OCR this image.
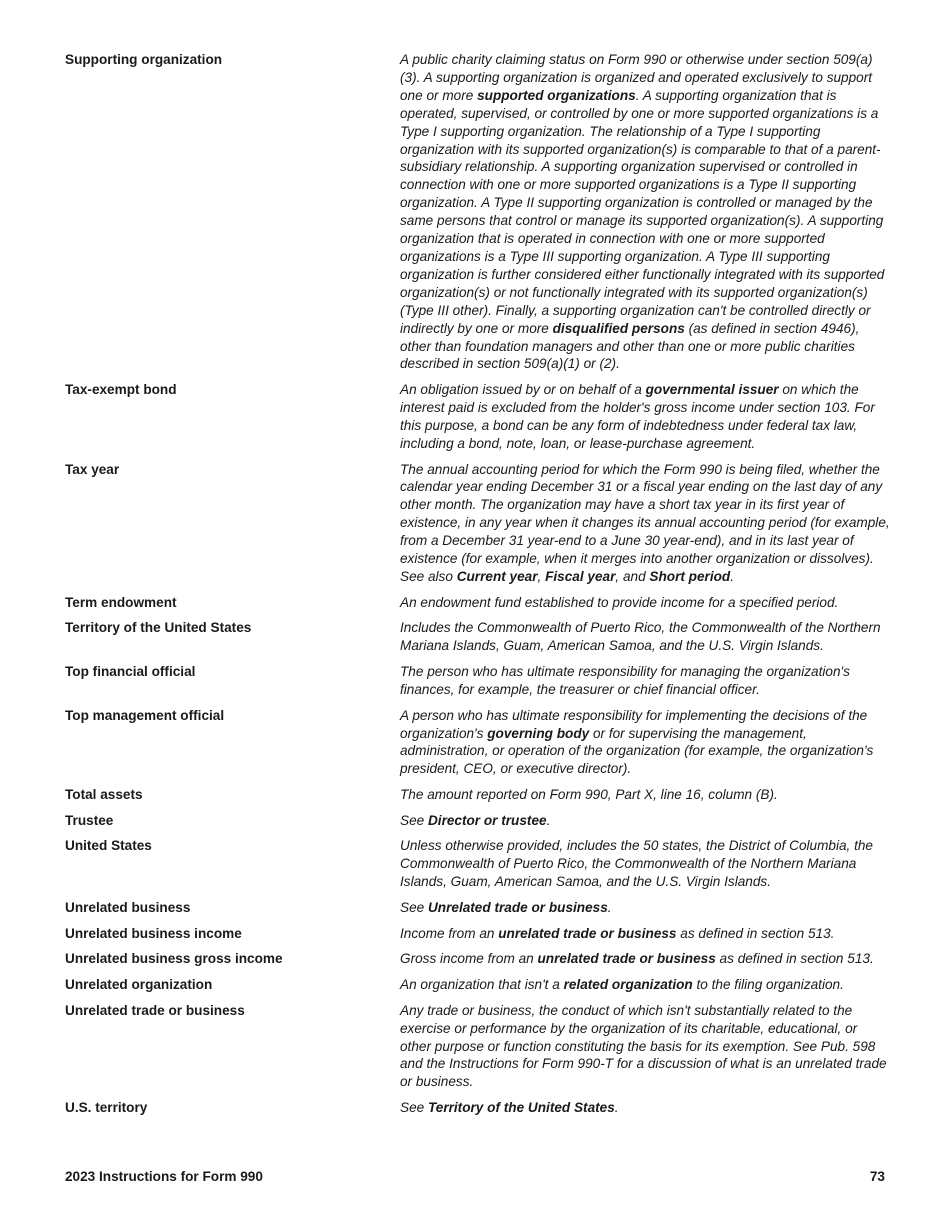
Supporting organization	A public charity claiming status on Form 990 or otherwise under section 509(a)(3). A supporting organization is organized and operated exclusively to support one or more supported organizations. A supporting organization that is operated, supervised, or controlled by one or more supported organizations is a Type I supporting organization. The relationship of a Type I supporting organization with its supported organization(s) is comparable to that of a parent-subsidiary relationship. A supporting organization supervised or controlled in connection with one or more supported organizations is a Type II supporting organization. A Type II supporting organization is controlled or managed by the same persons that control or manage its supported organization(s). A supporting organization that is operated in connection with one or more supported organizations is a Type III supporting organization. A Type III supporting organization is further considered either functionally integrated with its supported organization(s) or not functionally integrated with its supported organization(s) (Type III other). Finally, a supporting organization can't be controlled directly or indirectly by one or more disqualified persons (as defined in section 4946), other than foundation managers and other than one or more public charities described in section 509(a)(1) or (2).
Tax-exempt bond	An obligation issued by or on behalf of a governmental issuer on which the interest paid is excluded from the holder's gross income under section 103. For this purpose, a bond can be any form of indebtedness under federal tax law, including a bond, note, loan, or lease-purchase agreement.
Tax year	The annual accounting period for which the Form 990 is being filed, whether the calendar year ending December 31 or a fiscal year ending on the last day of any other month. The organization may have a short tax year in its first year of existence, in any year when it changes its annual accounting period (for example, from a December 31 year-end to a June 30 year-end), and in its last year of existence (for example, when it merges into another organization or dissolves). See also Current year, Fiscal year, and Short period.
Term endowment	An endowment fund established to provide income for a specified period.
Territory of the United States	Includes the Commonwealth of Puerto Rico, the Commonwealth of the Northern Mariana Islands, Guam, American Samoa, and the U.S. Virgin Islands.
Top financial official	The person who has ultimate responsibility for managing the organization's finances, for example, the treasurer or chief financial officer.
Top management official	A person who has ultimate responsibility for implementing the decisions of the organization's governing body or for supervising the management, administration, or operation of the organization (for example, the organization's president, CEO, or executive director).
Total assets	The amount reported on Form 990, Part X, line 16, column (B).
Trustee	See Director or trustee.
United States	Unless otherwise provided, includes the 50 states, the District of Columbia, the Commonwealth of Puerto Rico, the Commonwealth of the Northern Mariana Islands, Guam, American Samoa, and the U.S. Virgin Islands.
Unrelated business	See Unrelated trade or business.
Unrelated business income	Income from an unrelated trade or business as defined in section 513.
Unrelated business gross income	Gross income from an unrelated trade or business as defined in section 513.
Unrelated organization	An organization that isn't a related organization to the filing organization.
Unrelated trade or business	Any trade or business, the conduct of which isn't substantially related to the exercise or performance by the organization of its charitable, educational, or other purpose or function constituting the basis for its exemption. See Pub. 598 and the Instructions for Form 990-T for a discussion of what is an unrelated trade or business.
U.S. territory	See Territory of the United States.
2023 Instructions for Form 990	73
